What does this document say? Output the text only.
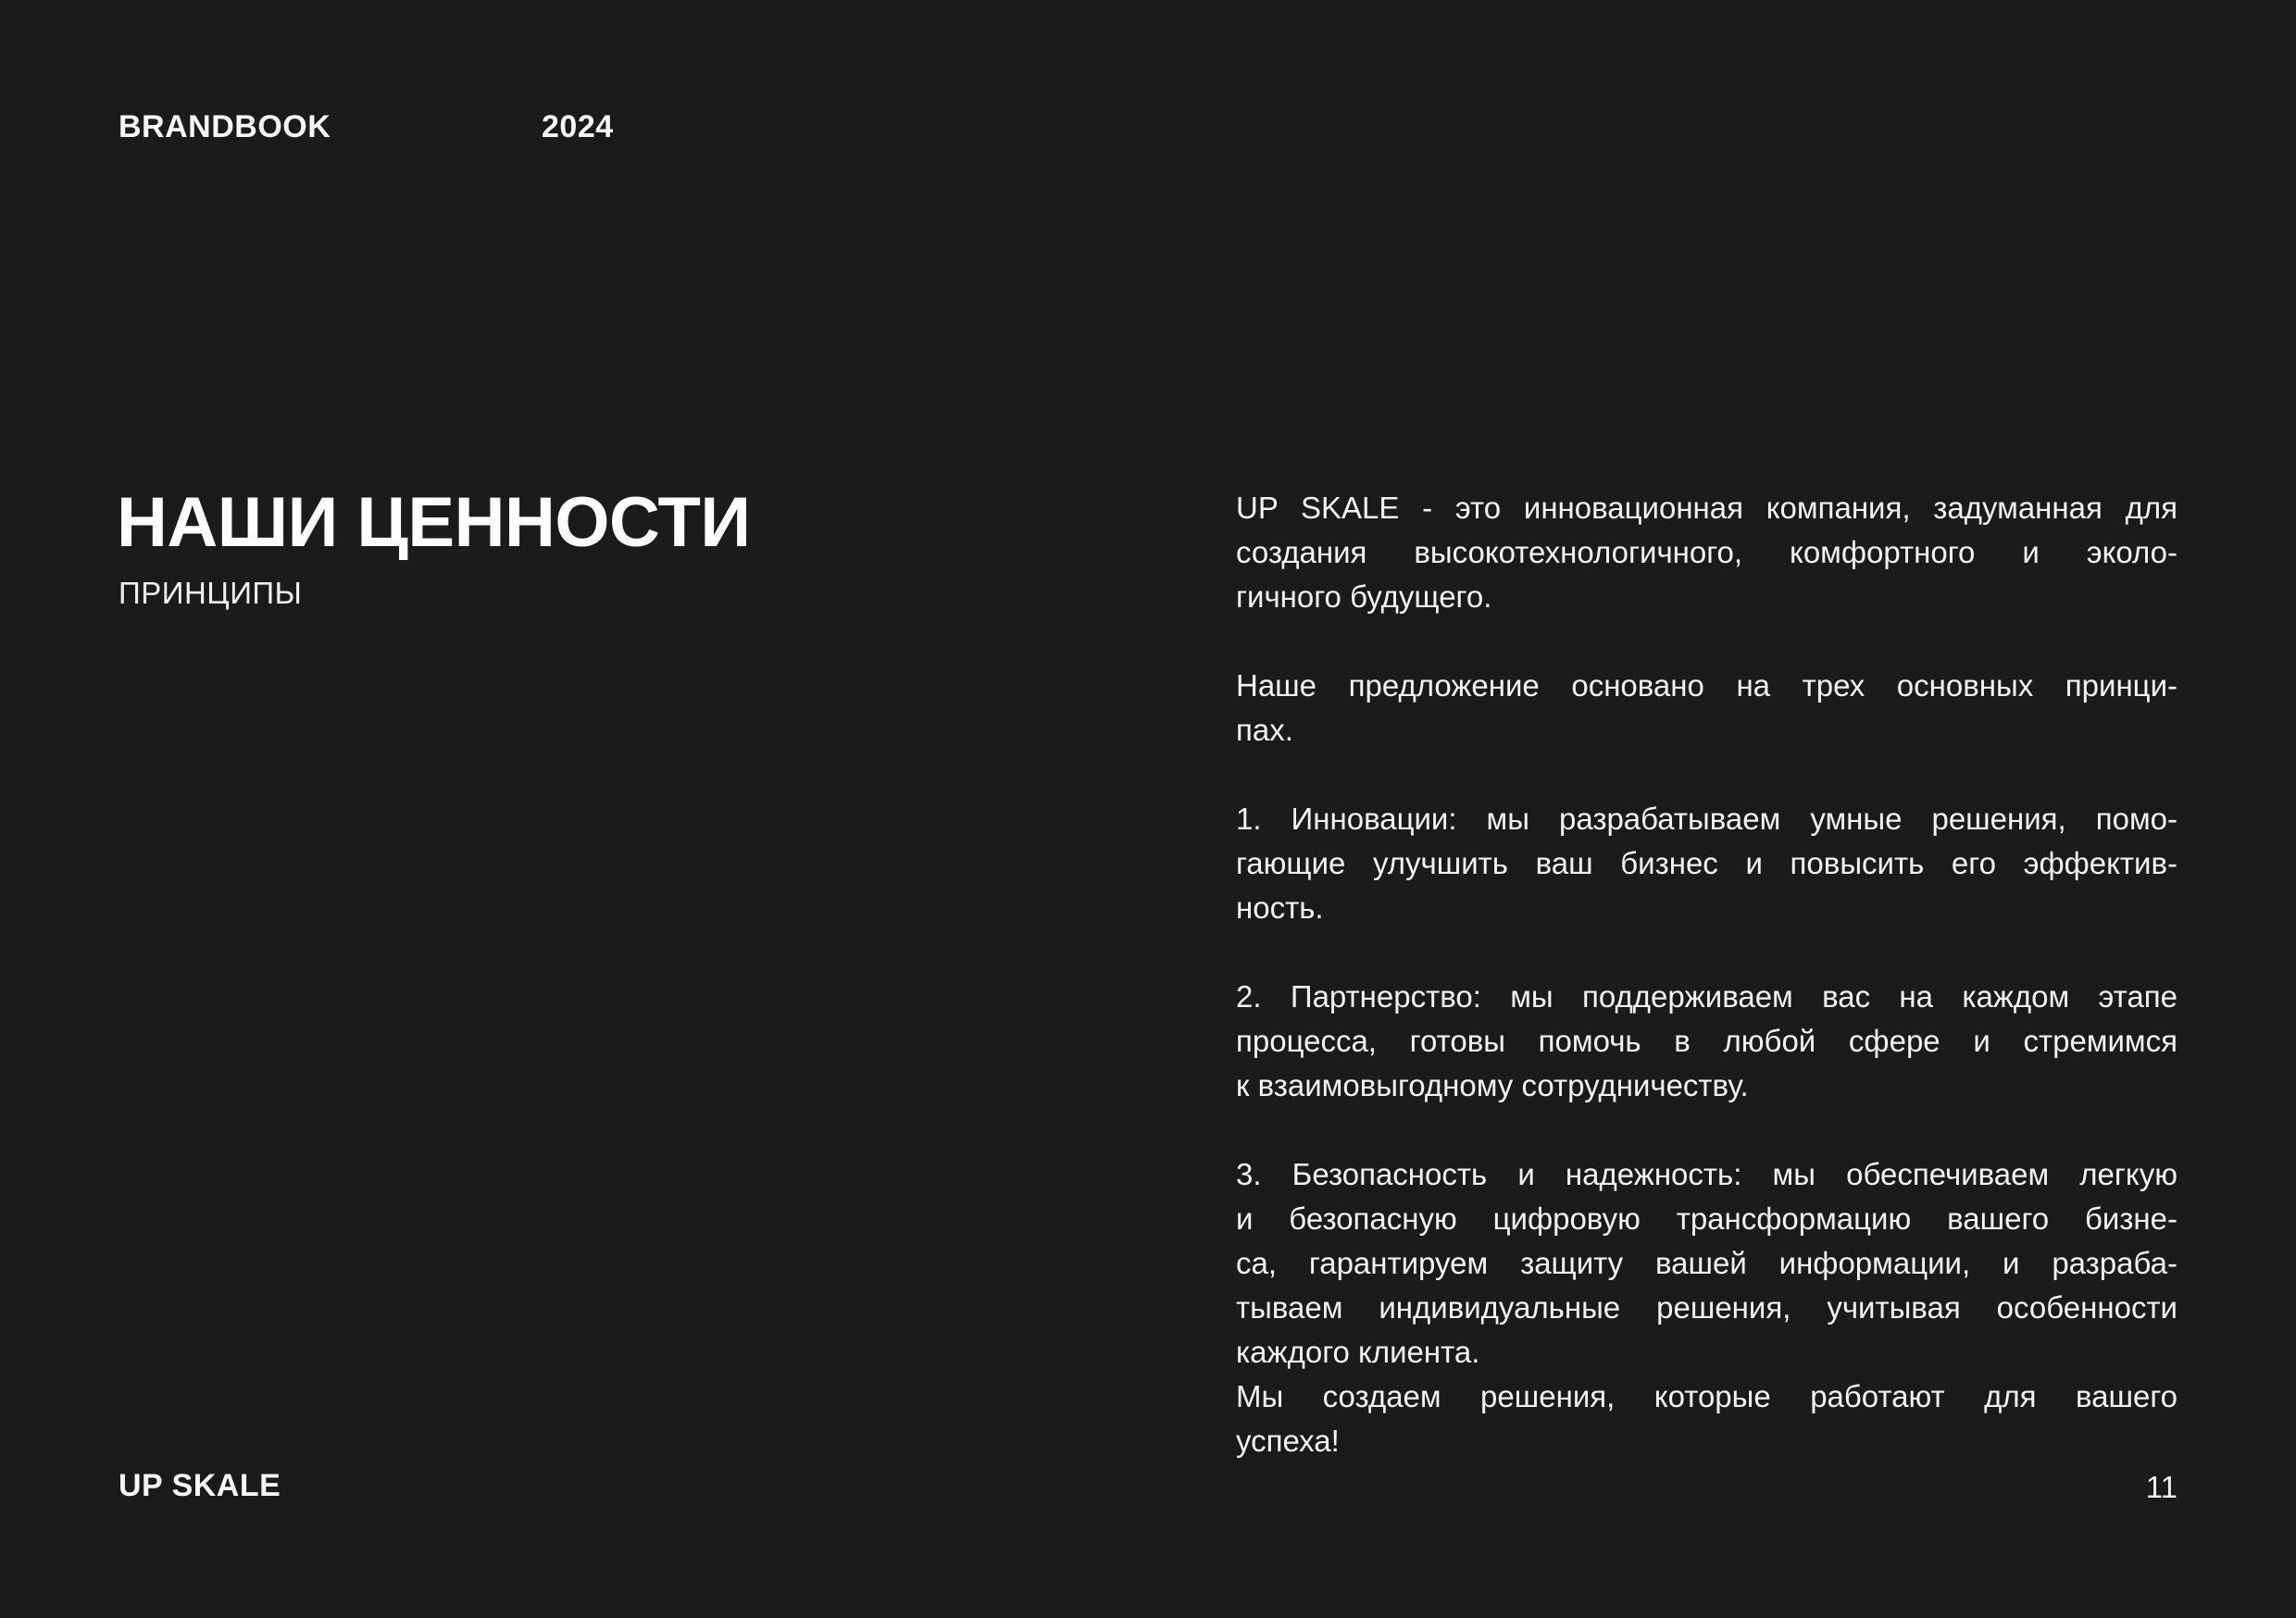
BRANDBOOK	2024
НАШИ ЦЕННОСТИ
ПРИНЦИПЫ
UP SKALE - это инновационная компания, задуманная для
создания высокотехнологичного, комфортного и эколо-
гичного будущего.
Наше предложение основано на трех основных принци-
пах.
1. Инновации: мы разрабатываем умные решения, помо-
гающие улучшить ваш бизнес и повысить его эффектив-
ность.
2. Партнерство: мы поддерживаем вас на каждом этапе
процесса, готовы помочь в любой сфере и стремимся
к взаимовыгодному сотрудничеству.
3. Безопасность и надежность: мы обеспечиваем легкую
и безопасную цифровую трансформацию вашего бизне-
са, гарантируем защиту вашей информации, и разраба-
тываем индивидуальные решения, учитывая особенности
каждого клиента.
Мы создаем решения, которые работают для вашего
успеха!
UP SKALE	11
